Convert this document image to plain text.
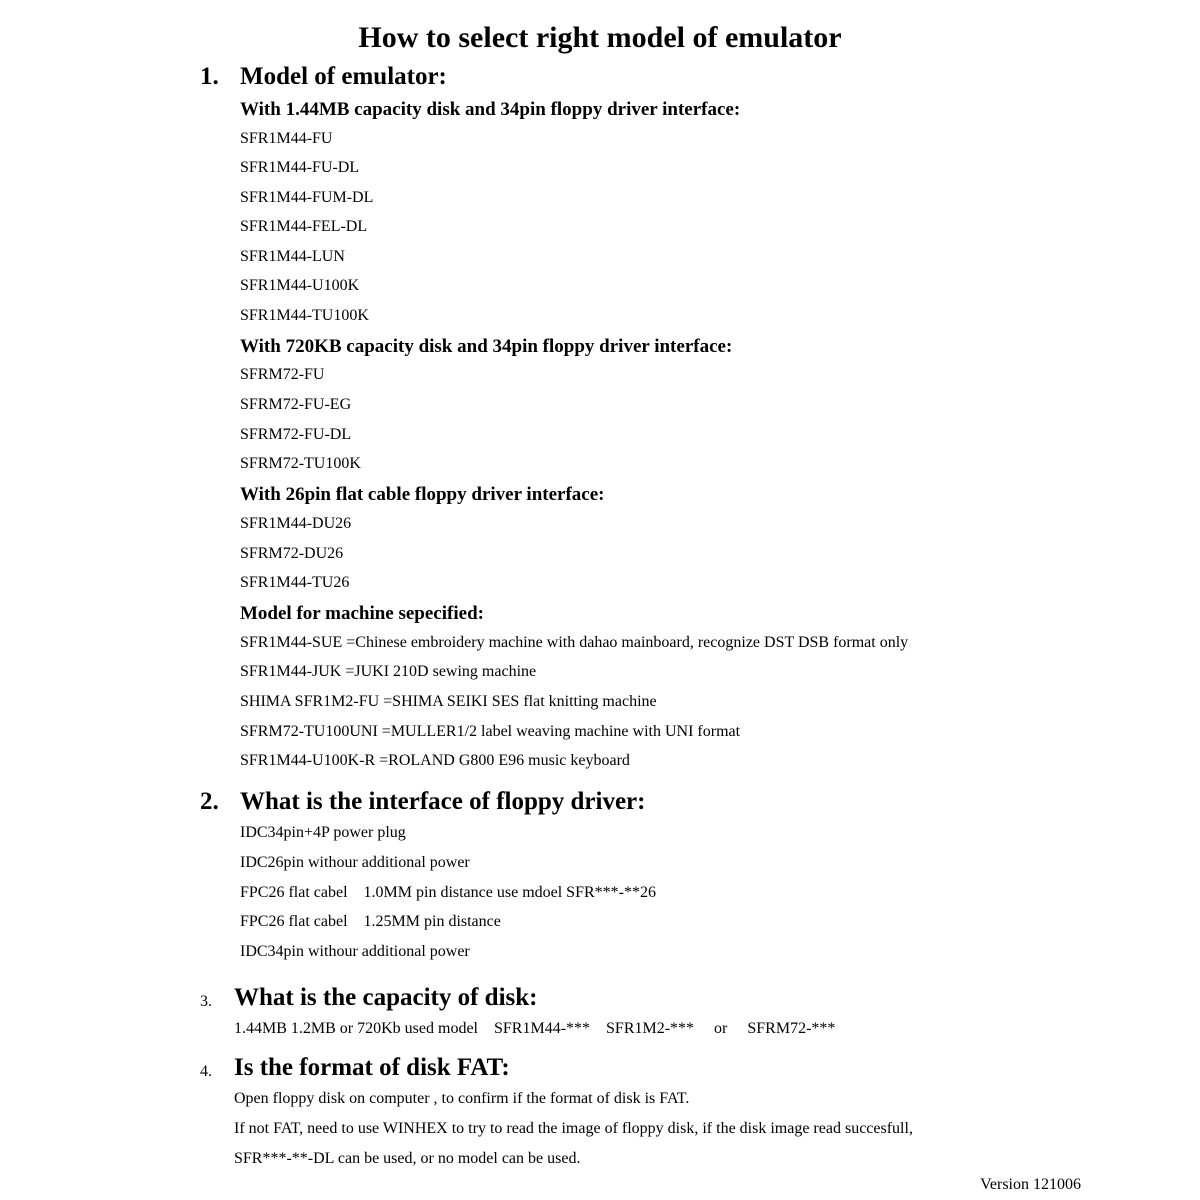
How to select right model of emulator
1. Model of emulator:
With 1.44MB capacity disk and 34pin floppy driver interface:
SFR1M44-FU
SFR1M44-FU-DL
SFR1M44-FUM-DL
SFR1M44-FEL-DL
SFR1M44-LUN
SFR1M44-U100K
SFR1M44-TU100K
With 720KB capacity disk and 34pin floppy driver interface:
SFRM72-FU
SFRM72-FU-EG
SFRM72-FU-DL
SFRM72-TU100K
With 26pin flat cable floppy driver interface:
SFR1M44-DU26
SFRM72-DU26
SFR1M44-TU26
Model for machine sepecified:
SFR1M44-SUE =Chinese embroidery machine with dahao mainboard, recognize DST DSB format only
SFR1M44-JUK =JUKI 210D sewing machine
SHIMA SFR1M2-FU =SHIMA SEIKI SES flat knitting machine
SFRM72-TU100UNI =MULLER1/2 label weaving machine with UNI format
SFR1M44-U100K-R =ROLAND G800 E96 music keyboard
2. What is the interface of floppy driver:
IDC34pin+4P power plug
IDC26pin withour additional power
FPC26 flat cabel    1.0MM pin distance use mdoel SFR***-**26
FPC26 flat cabel    1.25MM pin distance
IDC34pin withour additional power
3. What is the capacity of disk:
1.44MB 1.2MB or 720Kb used model    SFR1M44-***    SFR1M2-***     or     SFRM72-***
4. Is the format of disk FAT:
Open floppy disk on computer , to confirm if the format of disk is FAT.
If not FAT, need to use WINHEX to try to read the image of floppy disk, if the disk image read succesfull,
SFR***-**-DL can be used, or no model can be used.
Version 121006
